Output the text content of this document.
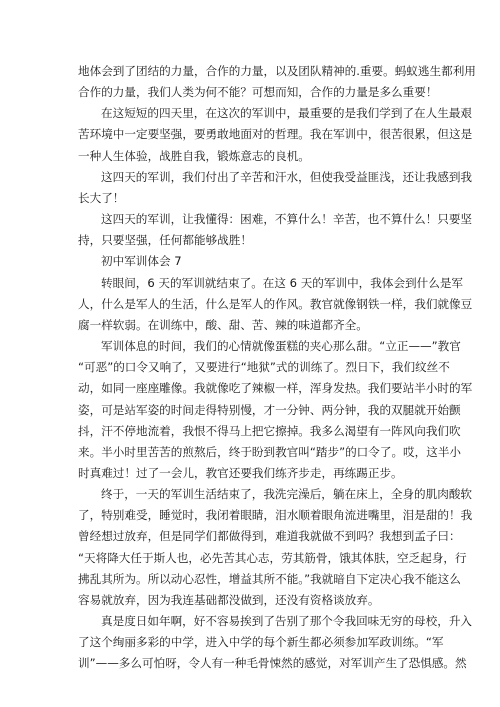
地体会到了团结的力量，合作的力量，以及团队精神的.重要。蚂蚁逃生都利用
合作的力量，我们人类为何不能？可想而知，合作的力量是多么重要！
在这短短的四天里，在这次的军训中，最重要的是我们学到了在人生最艰
苦环境中一定要坚强，要勇敢地面对的哲理。我在军训中，很苦很累，但这是
一种人生体验，战胜自我，锻炼意志的良机。
这四天的军训，我们付出了辛苦和汗水，但使我受益匪浅，还让我感到我
长大了！
这四天的军训，让我懂得：困难，不算什么！辛苦，也不算什么！只要坚
持，只要坚强，任何都能够战胜！
初中军训体会 7
转眼间，6 天的军训就结束了。在这 6 天的军训中，我体会到什么是军
人，什么是军人的生活，什么是军人的作风。教官就像钢铁一样，我们就像豆
腐一样软弱。在训练中，酸、甜、苦、辣的味道都齐全。
军训体息的时间，我们的心情就像蛋糕的夹心那么甜。“立正——”教官
“可恶”的口令又响了，又要进行“地狱”式的训练了。烈日下，我们纹丝不
动，如同一座座雕像。我就像吃了辣椒一样，浑身发热。我们要站半小时的军
姿，可是站军姿的时间走得特别慢，才一分钟、两分钟，我的双腿就开始颤
抖，汗不停地流着，我恨不得马上把它擦掉。我多么渴望有一阵风向我们吹
来。半小时里苦苦的煎熬后，终于盼到教官叫“踏步”的口令了。哎，这半小
时真难过！过了一会儿，教官还要我们练齐步走，再练踢正步。
终于，一天的军训生活结束了，我洗完澡后，躺在床上，全身的肌肉酸软
了，特别难受，睡觉时，我闭着眼睛，泪水顺着眼角流进嘴里，泪是甜的！我
曾经想过放弃，但是同学们都做得到，难道我就做不到吗？我想到孟子曰：
“天将降大任于斯人也，必先苦其心志，劳其筋骨，饿其体肤，空乏起身，行
拂乱其所为。所以动心忍性，增益其所不能。”我就暗自下定决心我不能这么
容易就放弃，因为我连基础都没做到，还没有资格谈放弃。
真是度日如年啊，好不容易挨到了告别了那个令我回味无穷的母校，升入
了这个绚丽多彩的中学，进入中学的每个新生都必须参加军政训练。“军
训”——多么可怕呀，令人有一种毛骨悚然的感觉，对军训产生了恐惧感。然
